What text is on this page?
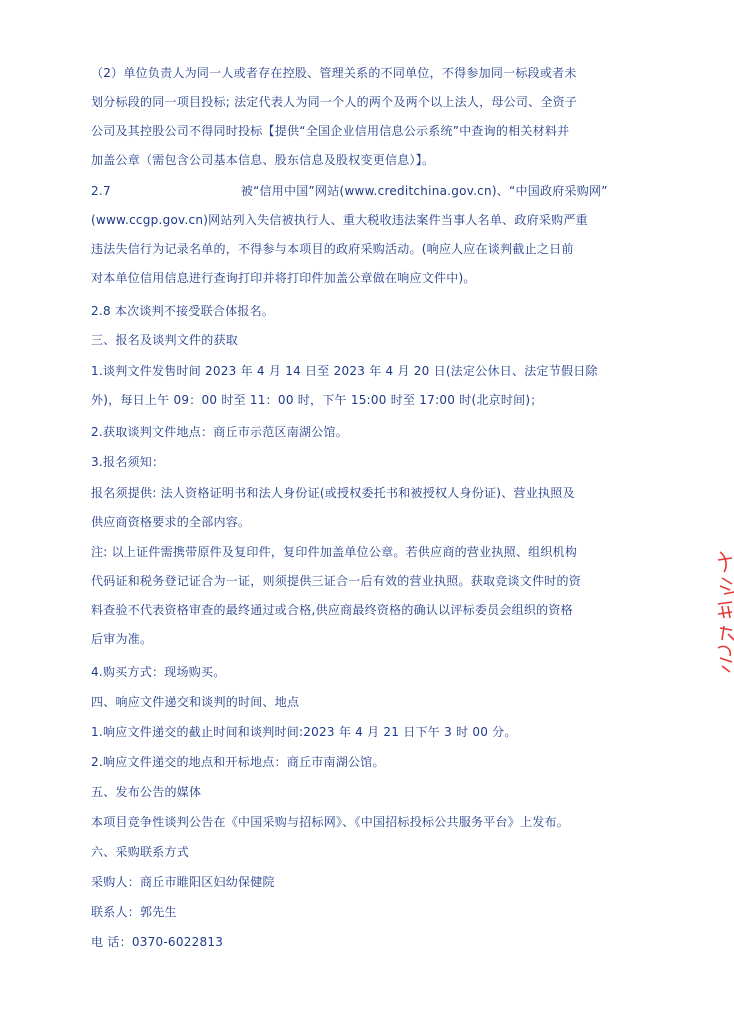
（2）单位负责人为同一人或者存在控股、管理关系的不同单位，不得参加同一标段或者未
划分标段的同一项目投标; 法定代表人为同一个人的两个及两个以上法人，母公司、全资子
公司及其控股公司不得同时投标【提供“全国企业信用信息公示系统”中查询的相关材料并
加盖公章（需包含公司基本信息、股东信息及股权变更信息）】。
2.7	被“信用中国”网站(www.creditchina.gov.cn)、“中国政府采购网”
(www.ccgp.gov.cn)网站列入失信被执行人、重大税收违法案件当事人名单、政府采购严重
违法失信行为记录名单的，不得参与本项目的政府采购活动。(响应人应在谈判截止之日前
对本单位信用信息进行查询打印并将打印件加盖公章做在响应文件中)。
2.8 本次谈判不接受联合体报名。
三、报名及谈判文件的获取
1.谈判文件发售时间 2023 年 4 月 14 日至 2023 年 4 月 20 日(法定公休日、法定节假日除
外)，每日上午 09：00 时至 11：00 时，下午 15:00 时至 17:00 时(北京时间)；
2.获取谈判文件地点：商丘市示范区南湖公馆。
3.报名须知：
报名须提供: 法人资格证明书和法人身份证(或授权委托书和被授权人身份证)、营业执照及
供应商资格要求的全部内容。
注: 以上证件需携带原件及复印件，复印件加盖单位公章。若供应商的营业执照、组织机构
代码证和税务登记证合为一证，则须提供三证合一后有效的营业执照。获取竞谈文件时的资
料查验不代表资格审查的最终通过或合格,供应商最终资格的确认以评标委员会组织的资格
后审为准。
4.购买方式：现场购买。
四、响应文件递交和谈判的时间、地点
1.响应文件递交的截止时间和谈判时间:2023 年 4 月 21 日下午 3 时 00 分。
2.响应文件递交的地点和开标地点：商丘市南湖公馆。
五、发布公告的媒体
本项目竞争性谈判公告在《中国采购与招标网》、《中国招标投标公共服务平台》上发布。
六、采购联系方式
采购人：商丘市睢阳区妇幼保健院
联系人：郭先生
电 话：0370-6022813
